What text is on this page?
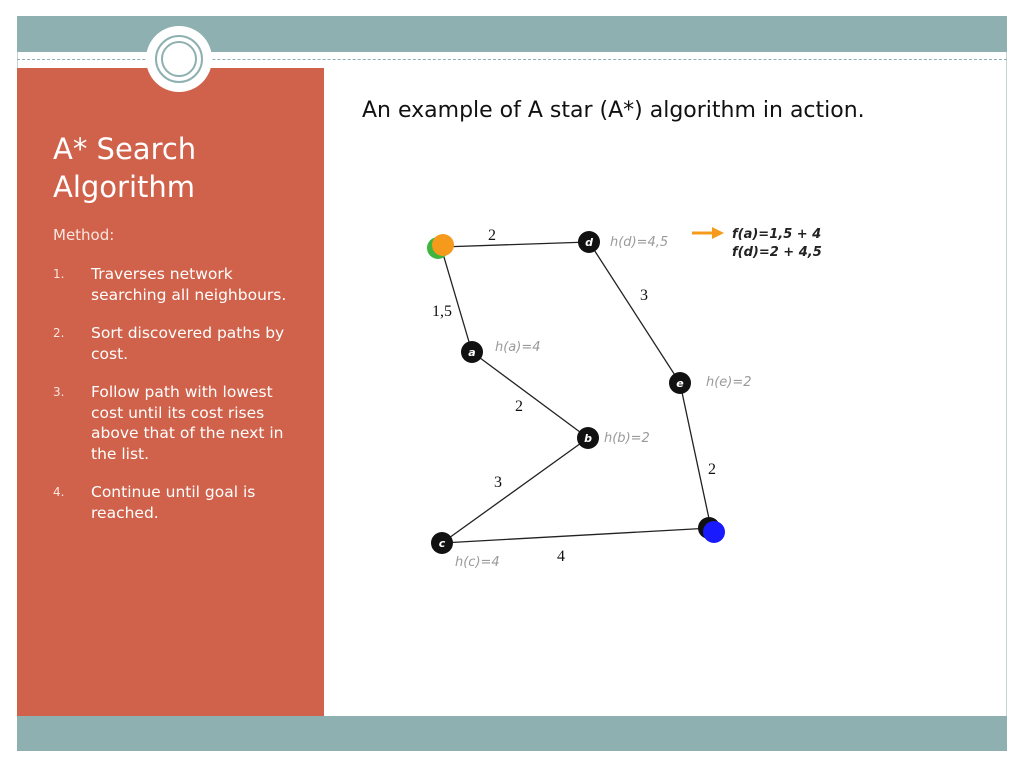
A* Search Algorithm
Method:
1.	Traverses network searching all neighbours.
2.	Sort discovered paths by cost.
3.	Follow path with lowest cost until its cost rises above that of the next in the list.
4.	Continue until goal is reached.
An example of A star (A*) algorithm in action.
2
1,5
3
2
2
3
4
d
a
e
b
c
h(d)=4,5
h(a)=4
h(e)=2
h(b)=2
h(c)=4
f(a)=1,5 + 4
f(d)=2 + 4,5
